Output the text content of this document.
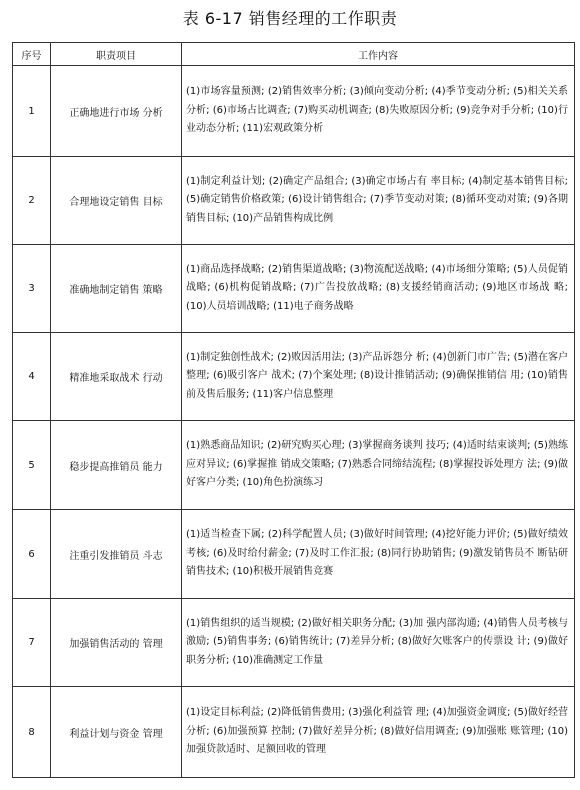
表 6-17 销售经理的工作职责
序号	职责项目	工作内容
1	正确地进行市场 分析	(1)市场容量预测; (2)销售效率分析; (3)倾向变动分析; (4)季节变动分析; (5)相关关系分析; (6)市场占比调查; (7)购买动机调查; (8)失败原因分析; (9)竞争对手分析; (10)行业动态分析; (11)宏观政策分析
2	合理地设定销售 目标	(1)制定利益计划; (2)确定产品组合; (3)确定市场占有 率目标; (4)制定基本销售目标; (5)确定销售价格政策; (6)设计销售组合; (7)季节变动对策; (8)循环变动对策; (9)各期销售目标; (10)产品销售构成比例
3	准确地制定销售 策略	(1)商品选择战略; (2)销售渠道战略; (3)物流配送战略; (4)市场细分策略; (5)人员促销战略; (6)机构促销战略; (7)广告投放战略; (8)支援经销商活动; (9)地区市场战 略; (10)人员培训战略; (11)电子商务战略
4	精准地采取战术 行动	(1)制定独创性战术; (2)败因活用法; (3)产品诉怨分 析; (4)创新门市广告; (5)潜在客户整理; (6)吸引客户 战术; (7)个案处理; (8)设计推销活动; (9)确保推销信 用; (10)销售前及售后服务; (11)客户信息整理
5	稳步提高推销员 能力	(1)熟悉商品知识; (2)研究购买心理; (3)掌握商务谈判 技巧; (4)适时结束谈判; (5)熟练应对异议; (6)掌握推 销成交策略; (7)熟悉合同缔结流程; (8)掌握投诉处理方 法; (9)做好客户分类; (10)角色扮演练习
6	注重引发推销员 斗志	(1)适当检查下属; (2)科学配置人员; (3)做好时间管理; (4)挖好能力评价; (5)做好绩效考核; (6)及时给付薪金; (7)及时工作汇报; (8)同行协助销售; (9)激发销售员不 断钻研销售技术; (10)积极开展销售竞赛
7	加强销售活动的 管理	(1)销售组织的适当规模; (2)做好相关职务分配; (3)加 强内部沟通; (4)销售人员考核与激励; (5)销售事务; (6)销售统计; (7)差异分析; (8)做好欠账客户的传票设 计; (9)做好职务分析; (10)准确测定工作量
8	利益计划与资金 管理	(1)设定目标利益; (2)降低销售费用; (3)强化利益管 理; (4)加强资金调度; (5)做好经营分析; (6)加强预算 控制; (7)做好差异分析; (8)做好信用调查; (9)加强账 账管理; (10)加强贷款适时、足额回收的管理
